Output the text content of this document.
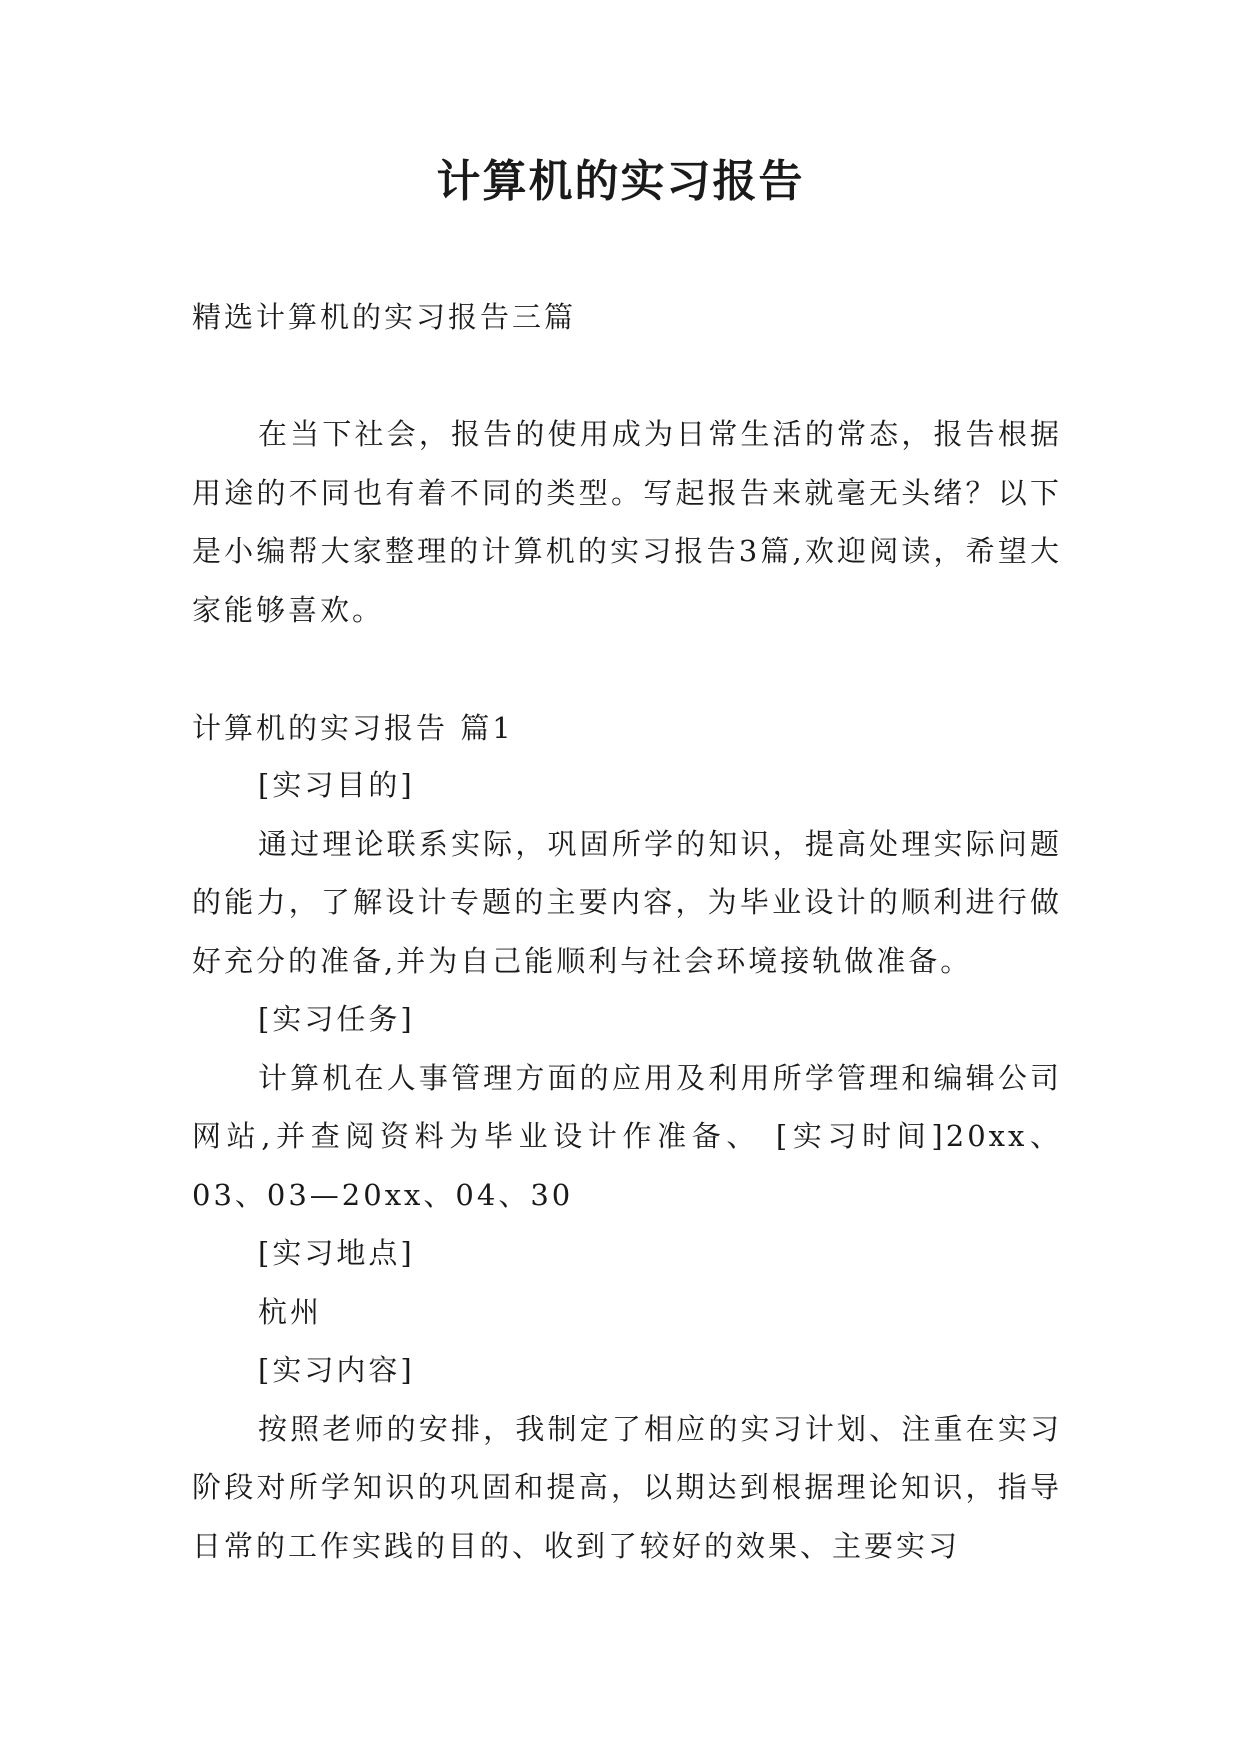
计算机的实习报告
精选计算机的实习报告三篇
在当下社会，报告的使用成为日常生活的常态，报告根据用途的不同也有着不同的类型。写起报告来就毫无头绪？以下是小编帮大家整理的计算机的实习报告3篇,欢迎阅读，希望大家能够喜欢。
计算机的实习报告 篇1
[实习目的]
通过理论联系实际，巩固所学的知识，提高处理实际问题的能力，了解设计专题的主要内容，为毕业设计的顺利进行做好充分的准备,并为自己能顺利与社会环境接轨做准备。
[实习任务]
计算机在人事管理方面的应用及利用所学管理和编辑公司网站,并查阅资料为毕业设计作准备、 [实习时间]20xx、03、03—20xx、04、30
[实习地点]
杭州
[实习内容]
按照老师的安排，我制定了相应的实习计划、注重在实习阶段对所学知识的巩固和提高，以期达到根据理论知识，指导日常的工作实践的目的、收到了较好的效果、主要实习
